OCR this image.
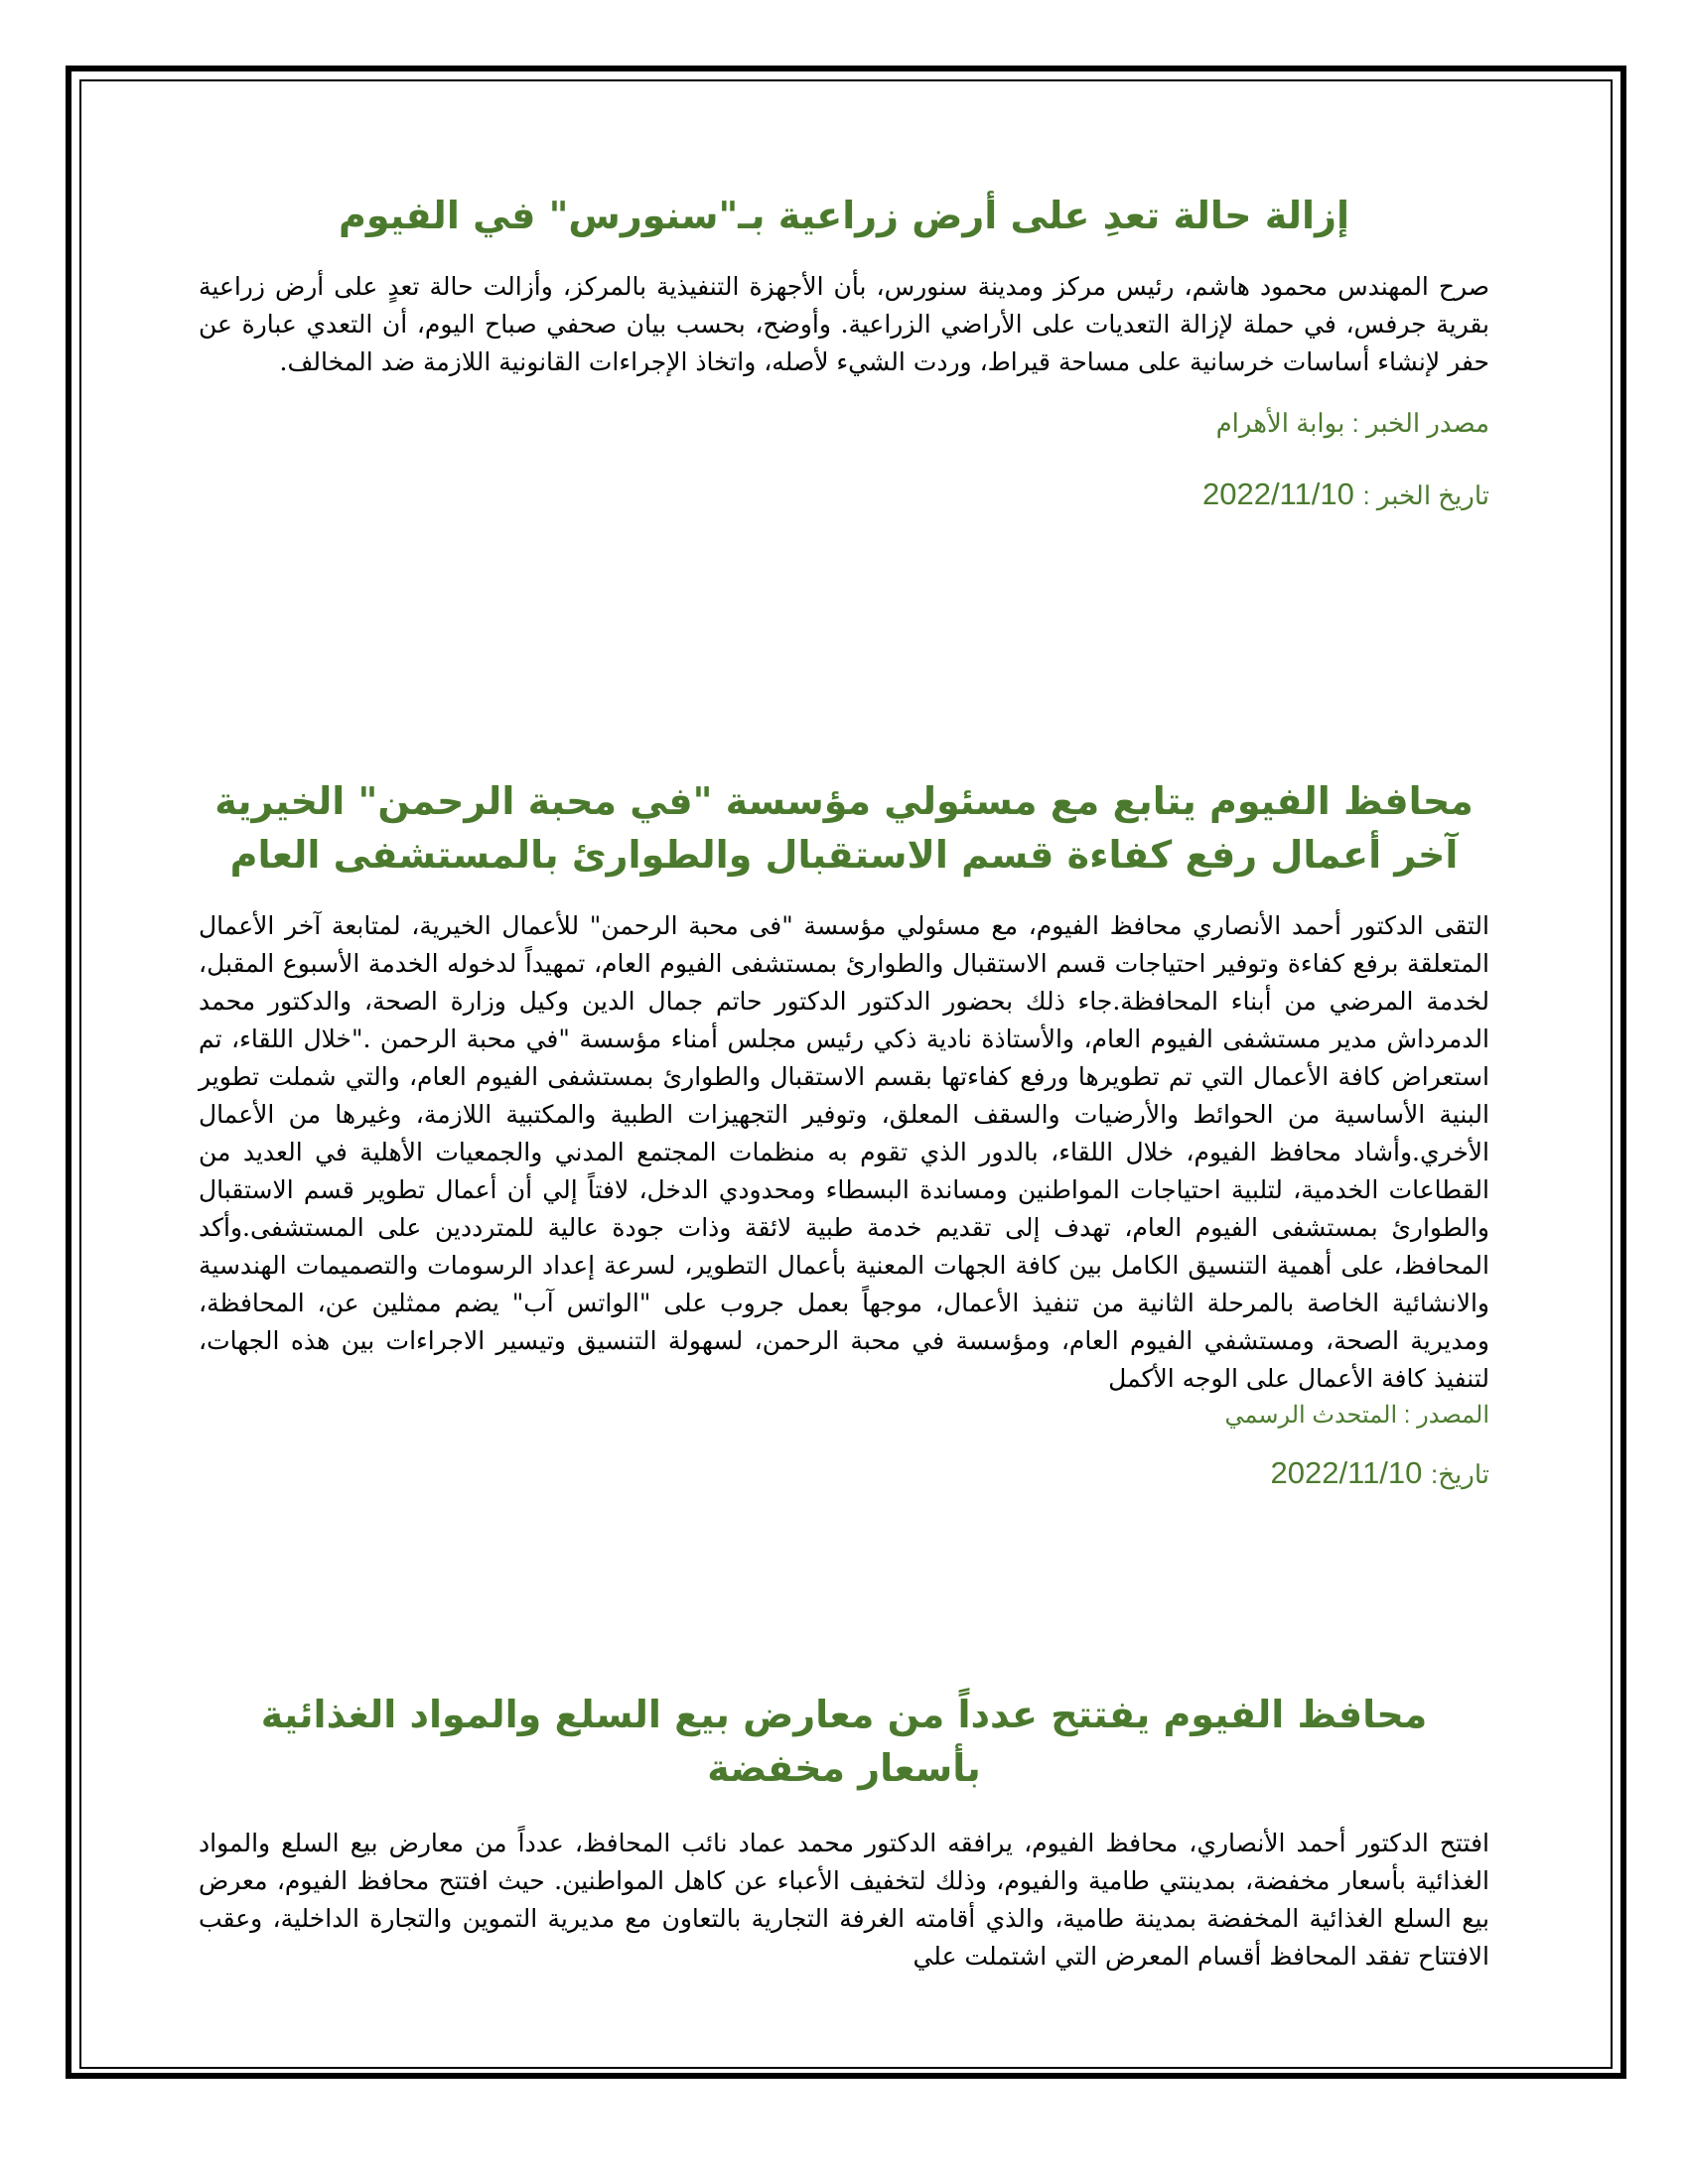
إزالة حالة تعدِ على أرض زراعية بـ"سنورس" في الفيوم

صرح المهندس محمود هاشم، رئيس مركز ومدينة سنورس، بأن الأجهزة التنفيذية بالمركز، وأزالت حالة تعدٍ على أرض زراعية بقرية جرفس، في حملة لإزالة التعديات على الأراضي الزراعية. وأوضح، بحسب بيان صحفي صباح اليوم، أن التعدي عبارة عن حفر لإنشاء أساسات خرسانية على مساحة قيراط، وردت الشيء لأصله، واتخاذ الإجراءات القانونية اللازمة ضد المخالف.

مصدر الخبر : بوابة الأهرام

تاريخ الخبر : 2022/11/10

محافظ الفيوم يتابع مع مسئولي مؤسسة "في محبة الرحمن" الخيرية آخر أعمال رفع كفاءة قسم الاستقبال والطوارئ بالمستشفى العام

التقى الدكتور أحمد الأنصاري محافظ الفيوم، مع مسئولي مؤسسة "فى محبة الرحمن" للأعمال الخيرية، لمتابعة آخر الأعمال المتعلقة برفع كفاءة وتوفير احتياجات قسم الاستقبال والطوارئ بمستشفى الفيوم العام، تمهيداً لدخوله الخدمة الأسبوع المقبل، لخدمة المرضي من أبناء المحافظة.جاء ذلك بحضور الدكتور الدكتور حاتم جمال الدين وكيل وزارة الصحة، والدكتور محمد الدمرداش مدير مستشفى الفيوم العام، والأستاذة نادية ذكي رئيس مجلس أمناء مؤسسة "في محبة الرحمن ."خلال اللقاء، تم استعراض كافة الأعمال التي تم تطويرها ورفع كفاءتها بقسم الاستقبال والطوارئ بمستشفى الفيوم العام، والتي شملت تطوير البنية الأساسية من الحوائط والأرضيات والسقف المعلق، وتوفير التجهيزات الطبية والمكتبية اللازمة، وغيرها من الأعمال الأخري.وأشاد محافظ الفيوم، خلال اللقاء، بالدور الذي تقوم به منظمات المجتمع المدني والجمعيات الأهلية في العديد من القطاعات الخدمية، لتلبية احتياجات المواطنين ومساندة البسطاء ومحدودي الدخل، لافتاً إلي أن أعمال تطوير قسم الاستقبال والطوارئ بمستشفى الفيوم العام، تهدف إلى تقديم خدمة طبية لائقة وذات جودة عالية للمترددين على المستشفى.وأكد المحافظ، على أهمية التنسيق الكامل بين كافة الجهات المعنية بأعمال التطوير، لسرعة إعداد الرسومات والتصميمات الهندسية والانشائية الخاصة بالمرحلة الثانية من تنفيذ الأعمال، موجهاً بعمل جروب على "الواتس آب" يضم ممثلين عن، المحافظة، ومديرية الصحة، ومستشفي الفيوم العام، ومؤسسة في محبة الرحمن، لسهولة التنسيق وتيسير الاجراءات بين هذه الجهات، لتنفيذ كافة الأعمال على الوجه الأكمل

المصدر : المتحدث الرسمي

تاريخ: 2022/11/10

محافظ الفيوم يفتتح عدداً من معارض بيع السلع والمواد الغذائية بأسعار مخفضة

افتتح الدكتور أحمد الأنصاري، محافظ الفيوم، يرافقه الدكتور محمد عماد نائب المحافظ، عدداً من معارض بيع السلع والمواد الغذائية بأسعار مخفضة، بمدينتي طامية والفيوم، وذلك لتخفيف الأعباء عن كاهل المواطنين. حيث افتتح محافظ الفيوم، معرض بيع السلع الغذائية المخفضة بمدينة طامية، والذي أقامته الغرفة التجارية بالتعاون مع مديرية التموين والتجارة الداخلية، وعقب الافتتاح تفقد المحافظ أقسام المعرض التي اشتملت علي
